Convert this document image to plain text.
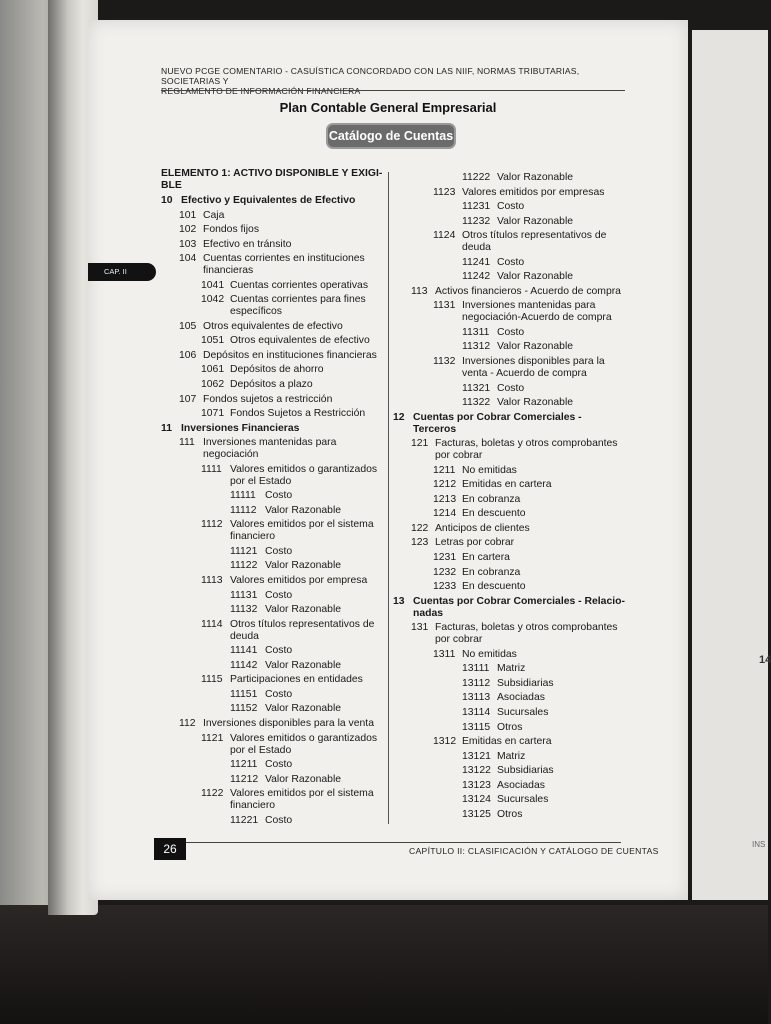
14
INS
NUEVO PCGE COMENTARIO - CASUÍSTICA CONCORDADO CON LAS NIIF, NORMAS TRIBUTARIAS, SOCIETARIAS Y
REGLAMENTO DE INFORMACIÓN FINANCIERA
Plan Contable General Empresarial
Catálogo de Cuentas
CAP. II
ELEMENTO 1: ACTIVO DISPONIBLE Y EXIGI-BLE
10 Efectivo y Equivalentes de Efectivo
101 Caja
102 Fondos fijos
103 Efectivo en tránsito
104 Cuentas corrientes en instituciones financieras
1041 Cuentas corrientes operativas
1042 Cuentas corrientes para fines específicos
105 Otros equivalentes de efectivo
1051 Otros equivalentes de efectivo
106 Depósitos en instituciones financieras
1061 Depósitos de ahorro
1062 Depósitos a plazo
107 Fondos sujetos a restricción
1071 Fondos Sujetos a Restricción
11 Inversiones Financieras
111 Inversiones mantenidas para negociación
1111 Valores emitidos o garantizados por el Estado
11111 Costo
11112 Valor Razonable
1112 Valores emitidos por el sistema financiero
11121 Costo
11122 Valor Razonable
1113 Valores emitidos por empresa
11131 Costo
11132 Valor Razonable
1114 Otros títulos representativos de deuda
11141 Costo
11142 Valor Razonable
1115 Participaciones en entidades
11151 Costo
11152 Valor Razonable
112 Inversiones disponibles para la venta
1121 Valores emitidos o garantizados por el Estado
11211 Costo
11212 Valor Razonable
1122 Valores emitidos por el sistema financiero
11221 Costo
11222 Valor Razonable
1123 Valores emitidos por empresas
11231 Costo
11232 Valor Razonable
1124 Otros títulos representativos de deuda
11241 Costo
11242 Valor Razonable
113 Activos financieros - Acuerdo de compra
1131 Inversiones mantenidas para negociación-Acuerdo de compra
11311 Costo
11312 Valor Razonable
1132 Inversiones disponibles para la venta - Acuerdo de compra
11321 Costo
11322 Valor Razonable
12 Cuentas por Cobrar Comerciales - Terceros
121 Facturas, boletas y otros comprobantes por cobrar
1211 No emitidas
1212 Emitidas en cartera
1213 En cobranza
1214 En descuento
122 Anticipos de clientes
123 Letras por cobrar
1231 En cartera
1232 En cobranza
1233 En descuento
13 Cuentas por Cobrar Comerciales - Relacio-nadas
131 Facturas, boletas y otros comprobantes por cobrar
1311 No emitidas
13111 Matriz
13112 Subsidiarias
13113 Asociadas
13114 Sucursales
13115 Otros
1312 Emitidas en cartera
13121 Matriz
13122 Subsidiarias
13123 Asociadas
13124 Sucursales
13125 Otros
26	CAPÍTULO II: CLASIFICACIÓN Y CATÁLOGO DE CUENTAS
